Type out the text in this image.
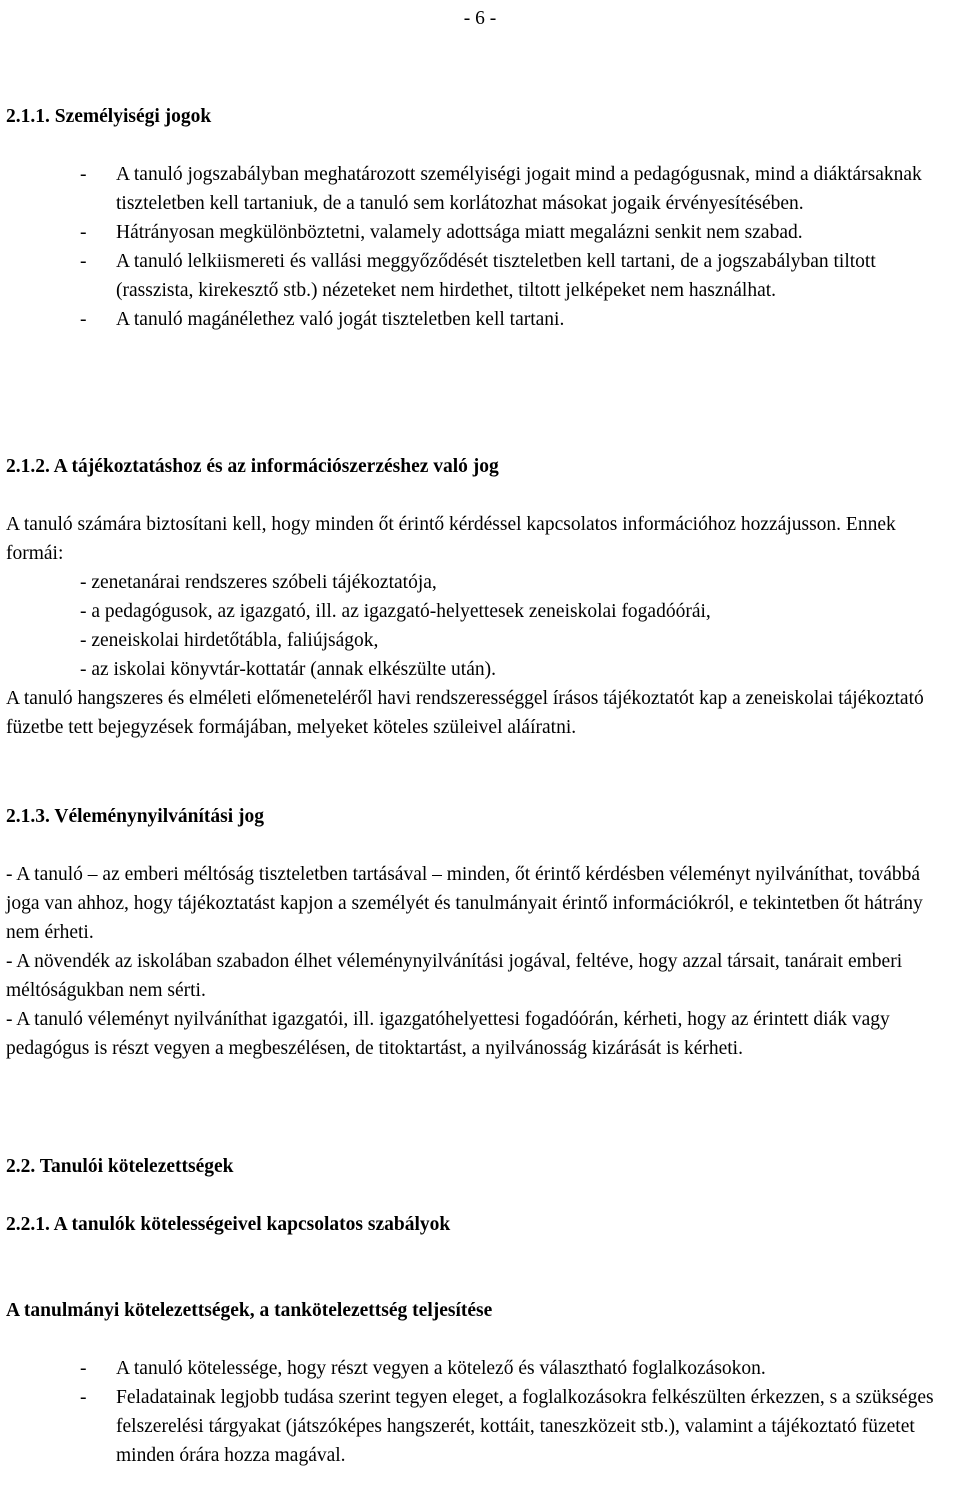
- 6 -
2.1.1. Személyiségi jogok
- A tanuló jogszabályban meghatározott személyiségi jogait mind a pedagógusnak, mind a diáktársaknak tiszteletben kell tartaniuk, de a tanuló sem korlátozhat másokat jogaik érvényesítésében.
- Hátrányosan megkülönböztetni, valamely adottsága miatt megalázni senkit nem szabad.
- A tanuló lelkiismereti és vallási meggyőződését tiszteletben kell tartani, de a jogszabályban tiltott (rasszista, kirekesztő stb.) nézeteket nem hirdethet, tiltott jelképeket nem használhat.
- A tanuló magánélethez való jogát tiszteletben kell tartani.
2.1.2. A tájékoztatáshoz és az információszerzéshez való jog

A tanuló számára biztosítani kell, hogy minden őt érintő kérdéssel kapcsolatos információhoz hozzájusson. Ennek formái:

- zenetanárai rendszeres szóbeli tájékoztatója,
- a pedagógusok, az igazgató, ill. az igazgató-helyettesek zeneiskolai fogadóórái,
- zeneiskolai hirdetőtábla, faliújságok,
- az iskolai könyvtár-kottatár (annak elkészülte után).

A tanuló hangszeres és elméleti előmeneteléről havi rendszerességgel írásos tájékoztatót kap a zeneiskolai tájékoztató füzetbe tett bejegyzések formájában, melyeket köteles szüleivel aláíratni.

2.1.3. Véleménynyilvánítási jog

- A tanuló – az emberi méltóság tiszteletben tartásával – minden, őt érintő kérdésben véleményt nyilváníthat, továbbá joga van ahhoz, hogy tájékoztatást kapjon a személyét és tanulmányait érintő információkról, e tekintetben őt hátrány nem érheti.

- A növendék az iskolában szabadon élhet véleménynyilvánítási jogával, feltéve, hogy azzal társait, tanárait emberi méltóságukban nem sérti.

- A tanuló véleményt nyilváníthat igazgatói, ill. igazgatóhelyettesi fogadóórán, kérheti, hogy az érintett diák vagy pedagógus is részt vegyen a megbeszélésen, de titoktartást, a nyilvánosság kizárását is kérheti.

2.2. Tanulói kötelezettségek
2.2.1. A tanulók kötelességeivel kapcsolatos szabályok
A tanulmányi kötelezettségek, a tankötelezettség teljesítése
- A tanuló kötelessége, hogy részt vegyen a kötelező és választható foglalkozásokon.
- Feladatainak legjobb tudása szerint tegyen eleget, a foglalkozásokra felkészülten érkezzen, s a szükséges felszerelési tárgyakat (játszóképes hangszerét, kottáit, taneszközeit stb.), valamint a tájékoztató füzetet minden órára hozza magával.
